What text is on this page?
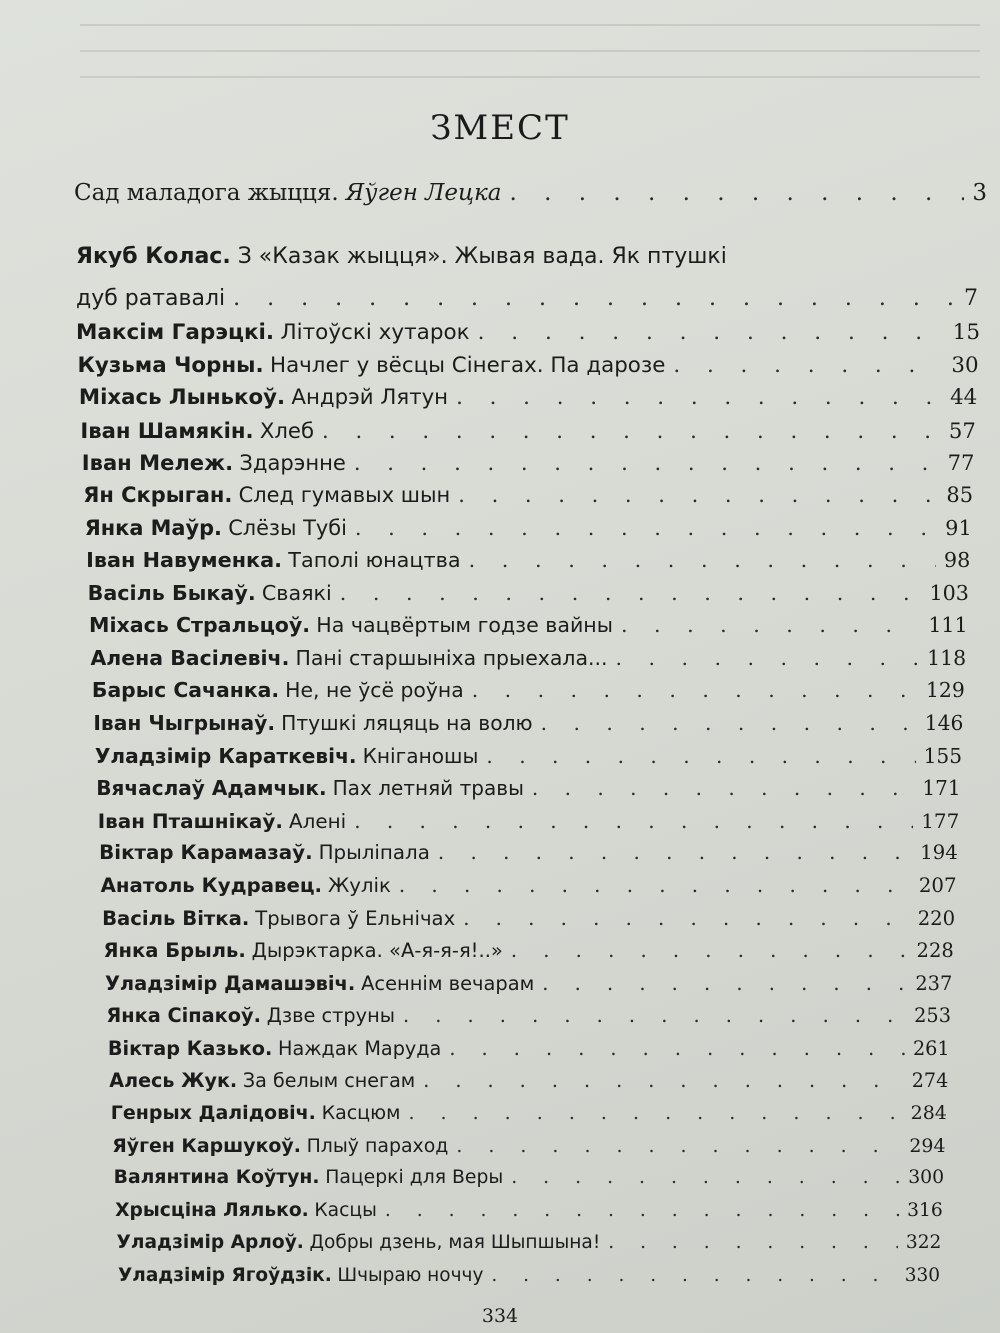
ЗМЕСТ
Сад маладога жыцця. Яўген Лецка . . .	3
Якуб Колас. З «Казак жыцця». Жывая вада. Як птушкі
дуб ратавалі . . .	7
Максім Гарэцкі. Літоўскі хутарок . . .	15
Кузьма Чорны. Начлег у вёсцы Сінегах. Па дарозе . . .	30
Міхась Лынькоў. Андрэй Лятун . . .	44
Іван Шамякін. Хлеб . . .	57
Іван Мележ. Здарэнне . . .	77
Ян Скрыган. След гумавых шын . . .	85
Янка Маўр. Слёзы Тубі . . .	91
Іван Навуменка. Таполі юнацтва . . .	98
Васіль Быкаў. Сваякі . . .	103
Міхась Стральцоў. На чацвёртым годзе вайны . . .	111
Алена Васілевіч. Пані старшыніха прыехала... . . .	118
Барыс Сачанка. Не, не ўсё роўна . . .	129
Іван Чыгрынаў. Птушкі ляцяць на волю . . .	146
Уладзімір Караткевіч. Кніганошы . . .	155
Вячаслаў Адамчык. Пах летняй травы . . .	171
Іван Пташнікаў. Алені . . .	177
Віктар Карамазаў. Прыліпала . . .	194
Анатоль Кудравец. Жулік . . .	207
Васіль Вітка. Трывога ў Ельнічах . . .	220
Янка Брыль. Дырэктарка. «А-я-я-я!..» . . .	228
Уладзімір Дамашэвіч. Асеннім вечарам . . .	237
Янка Сіпакоў. Дзве струны . . .	253
Віктар Казько. Наждак Маруда . . .	261
Алесь Жук. За белым снегам . . .	274
Генрых Далідовіч. Касцюм . . .	284
Яўген Каршукоў. Плыў параход . . .	294
Валянтина Коўтун. Пацеркі для Веры . . .	300
Хрысціна Лялько. Касцы . . .	316
Уладзімір Арлоў. Добры дзень, мая Шыпшына! . . .	322
Уладзімір Ягоўдзік. Шчыраю ноччу . . .	330
334
